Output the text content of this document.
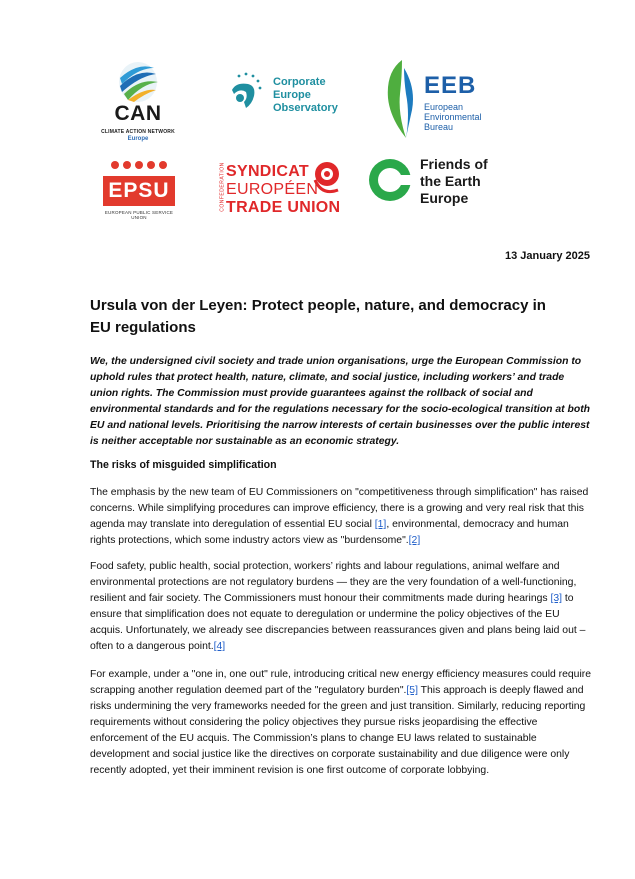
CAN
CLIMATE ACTION NETWORK
Europe
Corporate
Europe
Observatory
EEB
European
Environmental
Bureau
EPSU
EUROPEAN PUBLIC SERVICE UNION
CONFEDERATION SYNDICAT
EUROPÉEN
TRADE UNION
Friends of
the Earth
Europe
13 January 2025
Ursula von der Leyen: Protect people, nature, and democracy in EU regulations

We, the undersigned civil society and trade union organisations, urge the European Commission to uphold rules that protect health, nature, climate, and social justice, including workers’ and trade union rights. The Commission must provide guarantees against the rollback of social and environmental standards and for the regulations necessary for the socio-ecological transition at both EU and national levels. Prioritising the narrow interests of certain businesses over the public interest is neither acceptable nor sustainable as an economic strategy.

The risks of misguided simplification

The emphasis by the new team of EU Commissioners on "competitiveness through simplification" has raised concerns. While simplifying procedures can improve efficiency, there is a growing and very real risk that this agenda may translate into deregulation of essential EU social [1], environmental, democracy and human rights protections, which some industry actors view as "burdensome".[2]

Food safety, public health, social protection, workers’ rights and labour regulations, animal welfare and environmental protections are not regulatory burdens — they are the very foundation of a well-functioning, resilient and fair society. The Commissioners must honour their commitments made during hearings [3] to ensure that simplification does not equate to deregulation or undermine the policy objectives of the EU acquis. Unfortunately, we already see discrepancies between reassurances given and plans being laid out – often to a dangerous point.[4]

For example, under a "one in, one out" rule, introducing critical new energy efficiency measures could require scrapping another regulation deemed part of the "regulatory burden".[5] This approach is deeply flawed and risks undermining the very frameworks needed for the green and just transition. Similarly, reducing reporting requirements without considering the policy objectives they pursue risks jeopardising the effective enforcement of the EU acquis. The Commission’s plans to change EU laws related to sustainable development and social justice like the directives on corporate sustainability and due diligence were only recently adopted, yet their imminent revision is one first outcome of corporate lobbying.
